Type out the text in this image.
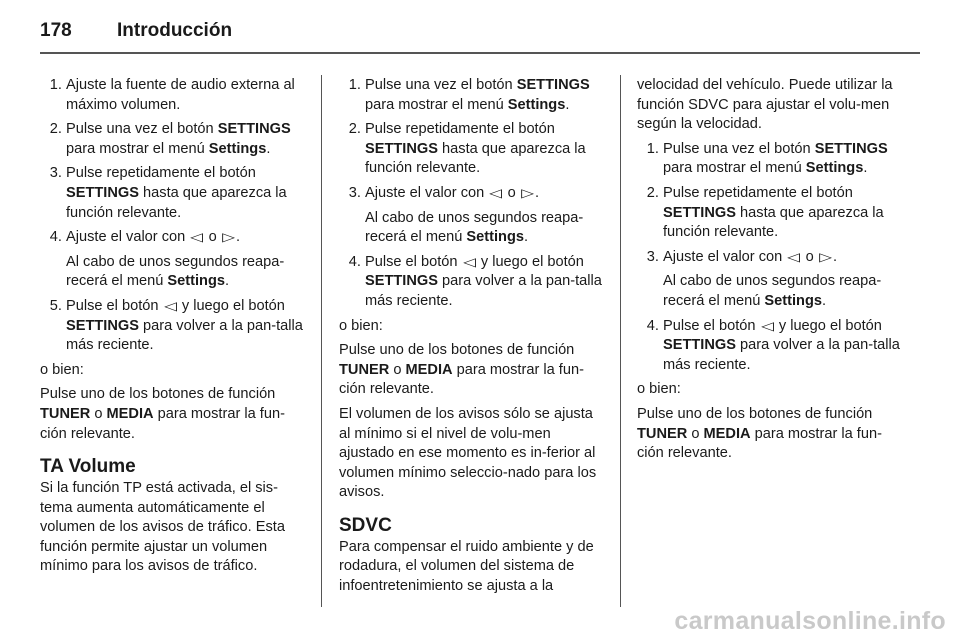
178 Introducción
1. Ajuste la fuente de audio externa al máximo volumen.
2. Pulse una vez el botón SETTINGS para mostrar el menú Settings.
3. Pulse repetidamente el botón SETTINGS hasta que aparezca la función relevante.
4. Ajuste el valor con ◁ o ▷.

Al cabo de unos segundos reapa-recerá el menú Settings.

5. Pulse el botón ◁ y luego el botón SETTINGS para volver a la pan-talla más reciente.

o bien:

Pulse uno de los botones de función TUNER o MEDIA para mostrar la fun-ción relevante.

TA Volume

Si la función TP está activada, el sis-tema aumenta automáticamente el volumen de los avisos de tráfico. Esta función permite ajustar un volumen mínimo para los avisos de tráfico.

1. Pulse una vez el botón SETTINGS para mostrar el menú Settings.
2. Pulse repetidamente el botón SETTINGS hasta que aparezca la función relevante.
3. Ajuste el valor con ◁ o ▷.

Al cabo de unos segundos reapa-recerá el menú Settings.

4. Pulse el botón ◁ y luego el botón SETTINGS para volver a la pan-talla más reciente.

o bien:

Pulse uno de los botones de función TUNER o MEDIA para mostrar la fun-ción relevante.

El volumen de los avisos sólo se ajusta al mínimo si el nivel de volu-men ajustado en ese momento es in-ferior al volumen mínimo seleccio-nado para los avisos.

SDVC

Para compensar el ruido ambiente y de rodadura, el volumen del sistema de infoentretenimiento se ajusta a la

velocidad del vehículo. Puede utilizar la función SDVC para ajustar el volu-men según la velocidad.

1. Pulse una vez el botón SETTINGS para mostrar el menú Settings.
2. Pulse repetidamente el botón SETTINGS hasta que aparezca la función relevante.
3. Ajuste el valor con ◁ o ▷.

Al cabo de unos segundos reapa-recerá el menú Settings.

4. Pulse el botón ◁ y luego el botón SETTINGS para volver a la pan-talla más reciente.

o bien:

Pulse uno de los botones de función TUNER o MEDIA para mostrar la fun-ción relevante.

carmanualsonline.info
